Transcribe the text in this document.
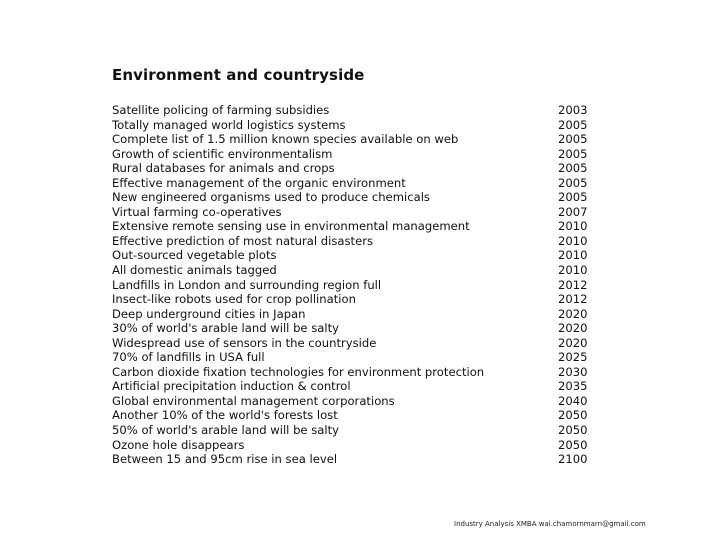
Environment and countryside
Satellite policing of farming subsidies	2003
Totally managed world logistics systems	2005
Complete list of 1.5 million known species available on web	2005
Growth of scientific environmentalism	2005
Rural databases for animals and crops	2005
Effective management of the organic environment	2005
New engineered organisms used to produce chemicals	2005
Virtual farming co-operatives	2007
Extensive remote sensing use in environmental management	2010
Effective prediction of most natural disasters	2010
Out-sourced vegetable plots	2010
All domestic animals tagged	2010
Landfills in London and surrounding region full	2012
Insect-like robots used for crop pollination	2012
Deep underground cities in Japan	2020
30% of world's arable land will be salty	2020
Widespread use of sensors in the countryside	2020
70% of landfills in USA full	2025
Carbon dioxide fixation technologies for environment protection	2030
Artificial precipitation induction & control	2035
Global environmental management corporations	2040
Another 10% of the world's forests lost	2050
50% of world's arable land will be salty	2050
Ozone hole disappears	2050
Between 15 and 95cm rise in sea level	2100
Industry Analysis XMBA wai.chamornmarn@gmail.com
